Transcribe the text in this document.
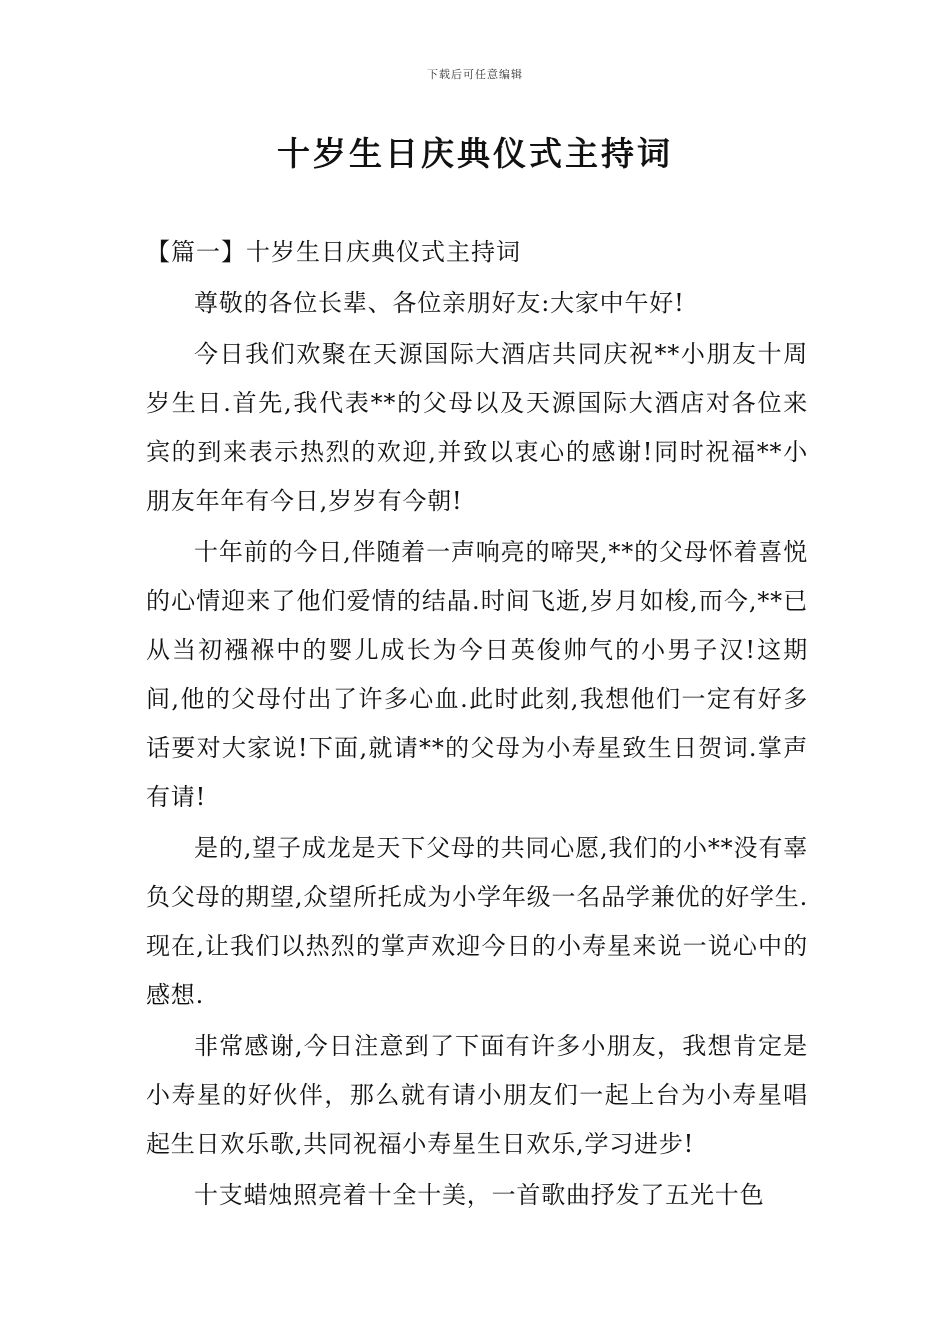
下载后可任意编辑
十岁生日庆典仪式主持词

【篇一】十岁生日庆典仪式主持词

尊敬的各位长辈、各位亲朋好友:大家中午好!

今日我们欢聚在天源国际大酒店共同庆祝**小朋友十周岁生日.首先,我代表**的父母以及天源国际大酒店对各位来宾的到来表示热烈的欢迎,并致以衷心的感谢!同时祝福**小朋友年年有今日,岁岁有今朝!

十年前的今日,伴随着一声响亮的啼哭,**的父母怀着喜悦的心情迎来了他们爱情的结晶.时间飞逝,岁月如梭,而今,**已从当初襁褓中的婴儿成长为今日英俊帅气的小男子汉!这期间,他的父母付出了许多心血.此时此刻,我想他们一定有好多话要对大家说!下面,就请**的父母为小寿星致生日贺词.掌声有请!

是的,望子成龙是天下父母的共同心愿,我们的小**没有辜负父母的期望,众望所托成为小学年级一名品学兼优的好学生.现在,让我们以热烈的掌声欢迎今日的小寿星来说一说心中的感想.

非常感谢,今日注意到了下面有许多小朋友，我想肯定是小寿星的好伙伴，那么就有请小朋友们一起上台为小寿星唱起生日欢乐歌,共同祝福小寿星生日欢乐,学习进步!

十支蜡烛照亮着十全十美，一首歌曲抒发了五光十色
